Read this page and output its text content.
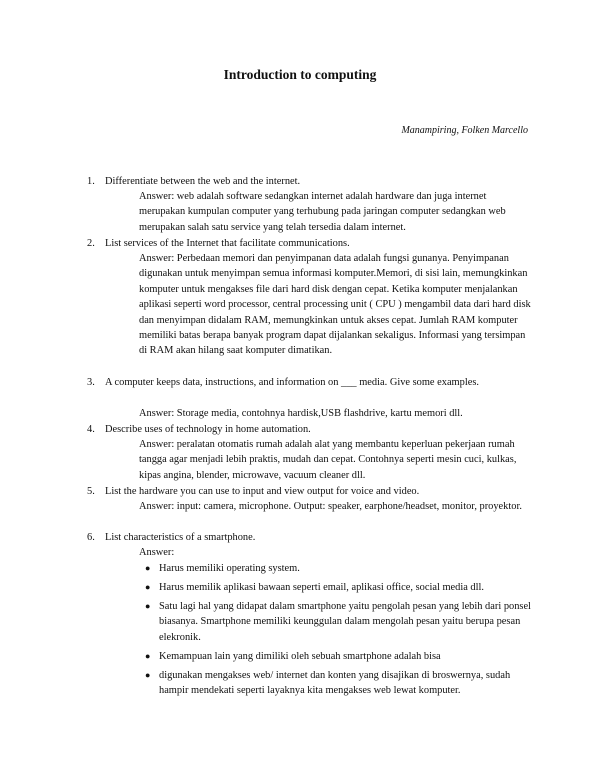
Introduction to computing
Manampiring, Folken Marcello
1. Differentiate between the web and the internet.
Answer: web adalah software sedangkan internet adalah hardware dan juga internet merupakan kumpulan computer yang terhubung pada jaringan computer sedangkan web merupakan salah satu service yang telah tersedia dalam internet.
2. List services of the Internet that facilitate communications.
Answer: Perbedaan memori dan penyimpanan data adalah fungsi gunanya. Penyimpanan digunakan untuk menyimpan semua informasi komputer.Memori, di sisi lain, memungkinkan komputer untuk mengakses file dari hard disk dengan cepat. Ketika komputer menjalankan aplikasi seperti word processor, central processing unit ( CPU ) mengambil data dari hard disk dan menyimpan didalam RAM, memungkinkan untuk akses cepat. Jumlah RAM komputer memiliki batas berapa banyak program dapat dijalankan sekaligus. Informasi yang tersimpan di RAM akan hilang saat komputer dimatikan.
3. A computer keeps data, instructions, and information on ___ media. Give some examples.
Answer: Storage media, contohnya hardisk,USB flashdrive, kartu memori dll.
4. Describe uses of technology in home automation.
Answer: peralatan otomatis rumah adalah alat yang membantu keperluan pekerjaan rumah tangga agar menjadi lebih praktis, mudah dan cepat. Contohnya seperti mesin cuci, kulkas, kipas angina, blender, microwave, vacuum cleaner dll.
5. List the hardware you can use to input and view output for voice and video.
Answer: input: camera, microphone. Output: speaker, earphone/headset, monitor, proyektor.
6. List characteristics of a smartphone.
Answer:
● Harus memiliki operating system.
● Harus memilik aplikasi bawaan seperti email, aplikasi office, social media dll.
● Satu lagi hal yang didapat dalam smartphone yaitu pengolah pesan yang lebih dari ponsel biasanya. Smartphone memiliki keunggulan dalam mengolah pesan yaitu berupa pesan elekronik.
● Kemampuan lain yang dimiliki oleh sebuah smartphone adalah bisa
● digunakan mengakses web/ internet dan konten yang disajikan di broswernya, sudah hampir mendekati seperti layaknya kita mengakses web lewat komputer.
